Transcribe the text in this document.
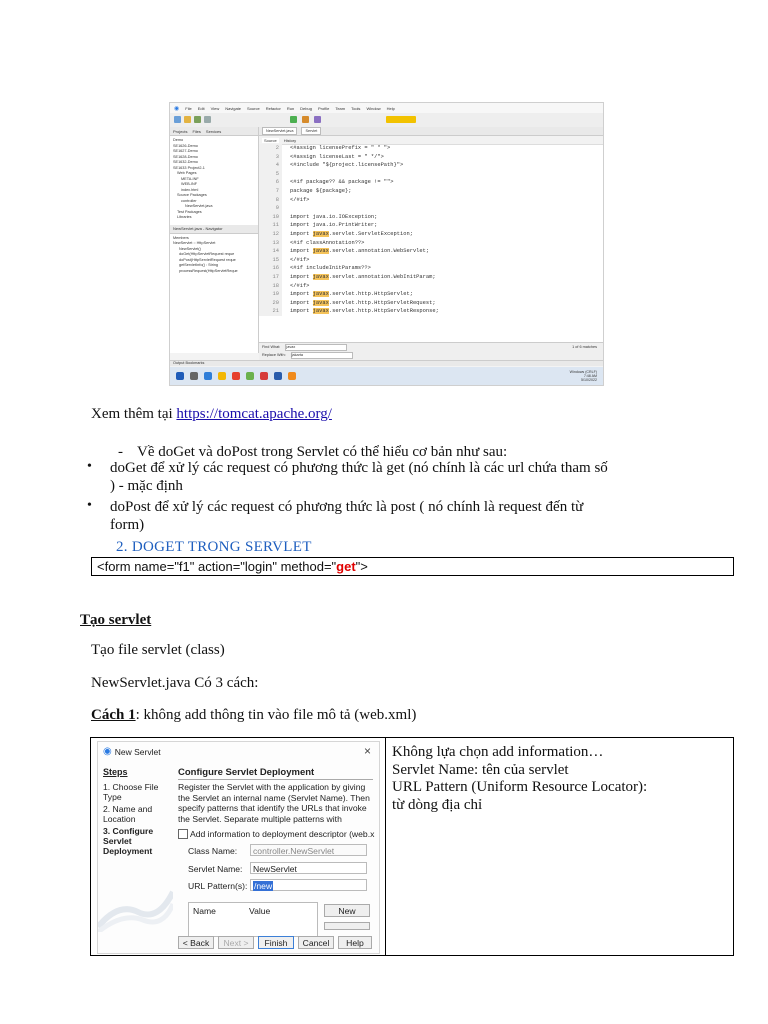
◉ File Edit View Navigate Source Refactor Run Debug Profile Team Tools Window Help
Projects Files Services
Demo
SE1626-Demo
SE1627-Demo
SE1628-Demo
SE1632-Demo
SE1633 Project2-1
Web Pages
META-INF
WEB-INF
index.html
Source Packages
controller
NewServlet.java
Test Packages
Libraries
NewServlet.java - Navigator
Members
NewServlet :: HttpServlet
NewServlet()
doGet(HttpServletRequest reque
doPost(HttpServletRequest reque
getServletInfo() : String
processRequest(HttpServletReque
NewServlet.java	Servlet
Source	History
2	<#assign licensePrefix = " * ">
3	<#assign licenseLast = " */">
4	<#include "${project.licensePath}">
5
6	<#if package?? && package != "">
7	package ${package};
8	</#if>
9
10	import java.io.IOException;
11	import java.io.PrintWriter;
12	import javax.servlet.ServletException;
13	<#if classAnnotation??>
14	import javax.servlet.annotation.WebServlet;
15	</#if>
16	<#if includeInitParams??>
17	import javax.servlet.annotation.WebInitParam;
18	</#if>
19	import javax.servlet.http.HttpServlet;
20	import javax.servlet.http.HttpServletRequest;
21	import javax.servlet.http.HttpServletResponse;
Find What: javax	1 of 6 matches
Replace With: jakarta
Output Bookmarks
Windows (CRLF)
7:48 AM
5/10/2022
Xem thêm tại https://tomcat.apache.org/
- Về doGet và doPost trong Servlet có thể hiểu cơ bản như sau:
• doGet để xử lý các request có phương thức là get (nó chính là các url chứa tham số
) - mặc định
• doPost để xử lý các request có phương thức là post ( nó chính là request đến từ
form)
2. DOGET TRONG SERVLET
<form name="f1" action="login" method="get">
Tạo servlet
Tạo file servlet (class)
NewServlet.java Có 3 cách:
Cách 1: không add thông tin vào file mô tả (web.xml)
◉ New Servlet	×
Steps
1. Choose File Type
2. Name and Location
3. Configure Servlet Deployment
Configure Servlet Deployment
Register the Servlet with the application by giving the Servlet an internal name (Servlet Name). Then specify patterns that identify the URLs that invoke the Servlet. Separate multiple patterns with
Add information to deployment descriptor (web.x
Class Name:	controller.NewServlet
Servlet Name:	NewServlet
URL Pattern(s): /new
Name	Value	New
< Back	Next >	Finish	Cancel	Help
Không lựa chọn add information…
Servlet Name: tên của servlet
URL Pattern (Uniform Resource Locator):
từ dòng địa chỉ
